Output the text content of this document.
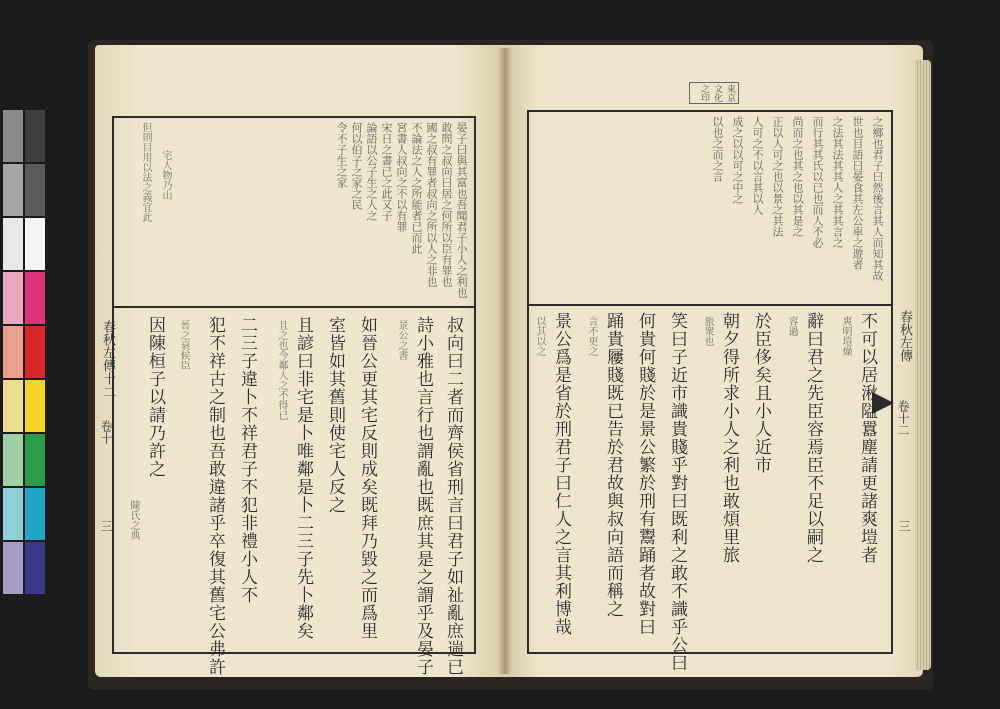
春秋左傳十二
卷十
三
晏子曰與其富也吾聞君子小人之利也
敢問之叔向曰居之何所以臣有罪也
國之叔有罪者叔向之所以人之非也
不論法之人之所能者已而此
宮書人叔向之不以有罪
宋日之書已之此又子
論語以公子生之人之
何以伯子之家之民
令不子生之家
宅人物乃山
但則目用以法之義宜此
叔向曰二者而齊侯省刑言曰君子如祉亂庶遄已
詩小雅也言行也謂亂也既庶其是之謂乎及晏子
景公之書
如晉公更其宅反則成矣既拜乃毀之而爲里
室皆如其舊則使宅人反之
且諺曰非宅是卜唯鄰是卜二三子先卜鄰矣
且之也今鄰人之不得已
二三子違卜不祥君子不犯非禮小人不
犯不祥古之制也吾敢違諸乎卒復其舊宅公弗許
晉之衰候臣
因陳桓子以請乃許之
陳氏之典
東京文化之印
春秋左傳
卷十二
三
之鄉也君子曰然後言其人而知其故
世也目語曰晏食其左公車之遊者
之法其法其其人之其其言之
而行其其氏以已也而人不必
尚而之也其之也以其是之
正以人可之也以景之其法
人可之不以言其以人
成之以以可之中之
以也之而之言
不可以居湫隘囂塵請更諸爽塏者
爽明塏燥
辭曰君之先臣容焉臣不足以嗣之
容過
於臣侈矣且小人近市
朝夕得所求小人之利也敢煩里旅
旅衆也
笑曰子近市識貴賤乎對曰既利之敢不識乎公曰
何貴何賤於是景公繁於刑有鬻踊者故對曰
踊貴屨賤既已告於君故與叔向語而稱之
言不更之
景公爲是省於刑君子曰仁人之言其利博哉
以其以之
